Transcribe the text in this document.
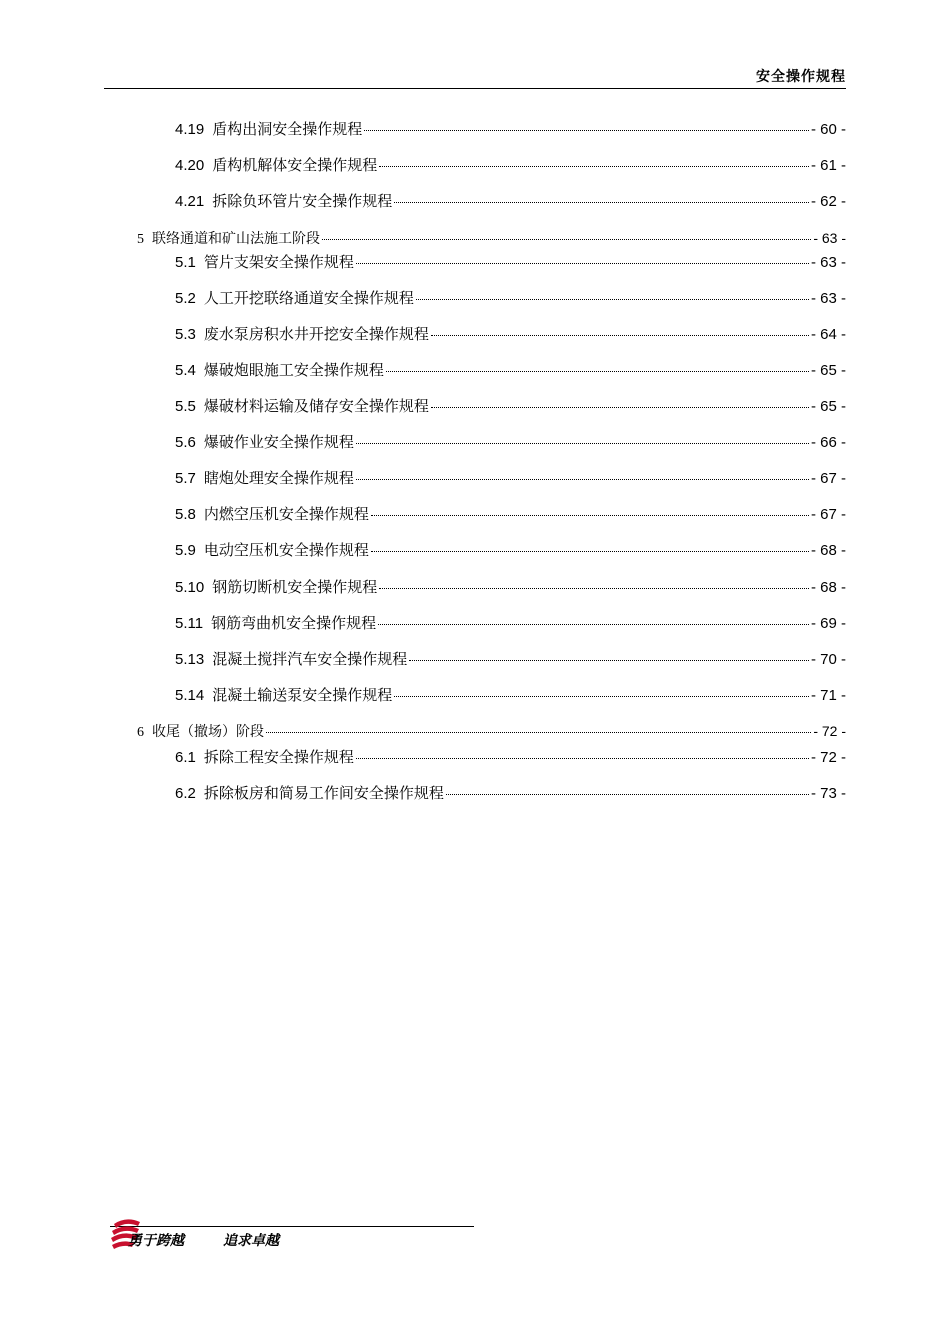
安全操作规程
4.19 盾构出洞安全操作规程	- 60 -
4.20 盾构机解体安全操作规程	- 61 -
4.21 拆除负环管片安全操作规程	- 62 -
5 联络通道和矿山法施工阶段	- 63 -
5.1 管片支架安全操作规程	- 63 -
5.2 人工开挖联络通道安全操作规程	- 63 -
5.3 废水泵房积水井开挖安全操作规程	- 64 -
5.4 爆破炮眼施工安全操作规程	- 65 -
5.5 爆破材料运输及储存安全操作规程	- 65 -
5.6 爆破作业安全操作规程	- 66 -
5.7 瞎炮处理安全操作规程	- 67 -
5.8 内燃空压机安全操作规程	- 67 -
5.9 电动空压机安全操作规程	- 68 -
5.10 钢筋切断机安全操作规程	- 68 -
5.11 钢筋弯曲机安全操作规程	- 69 -
5.13 混凝土搅拌汽车安全操作规程	- 70 -
5.14 混凝土输送泵安全操作规程	- 71 -
6 收尾（撤场）阶段	- 72 -
6.1 拆除工程安全操作规程	- 72 -
6.2 拆除板房和简易工作间安全操作规程	- 73 -
勇于跨越	追求卓越
